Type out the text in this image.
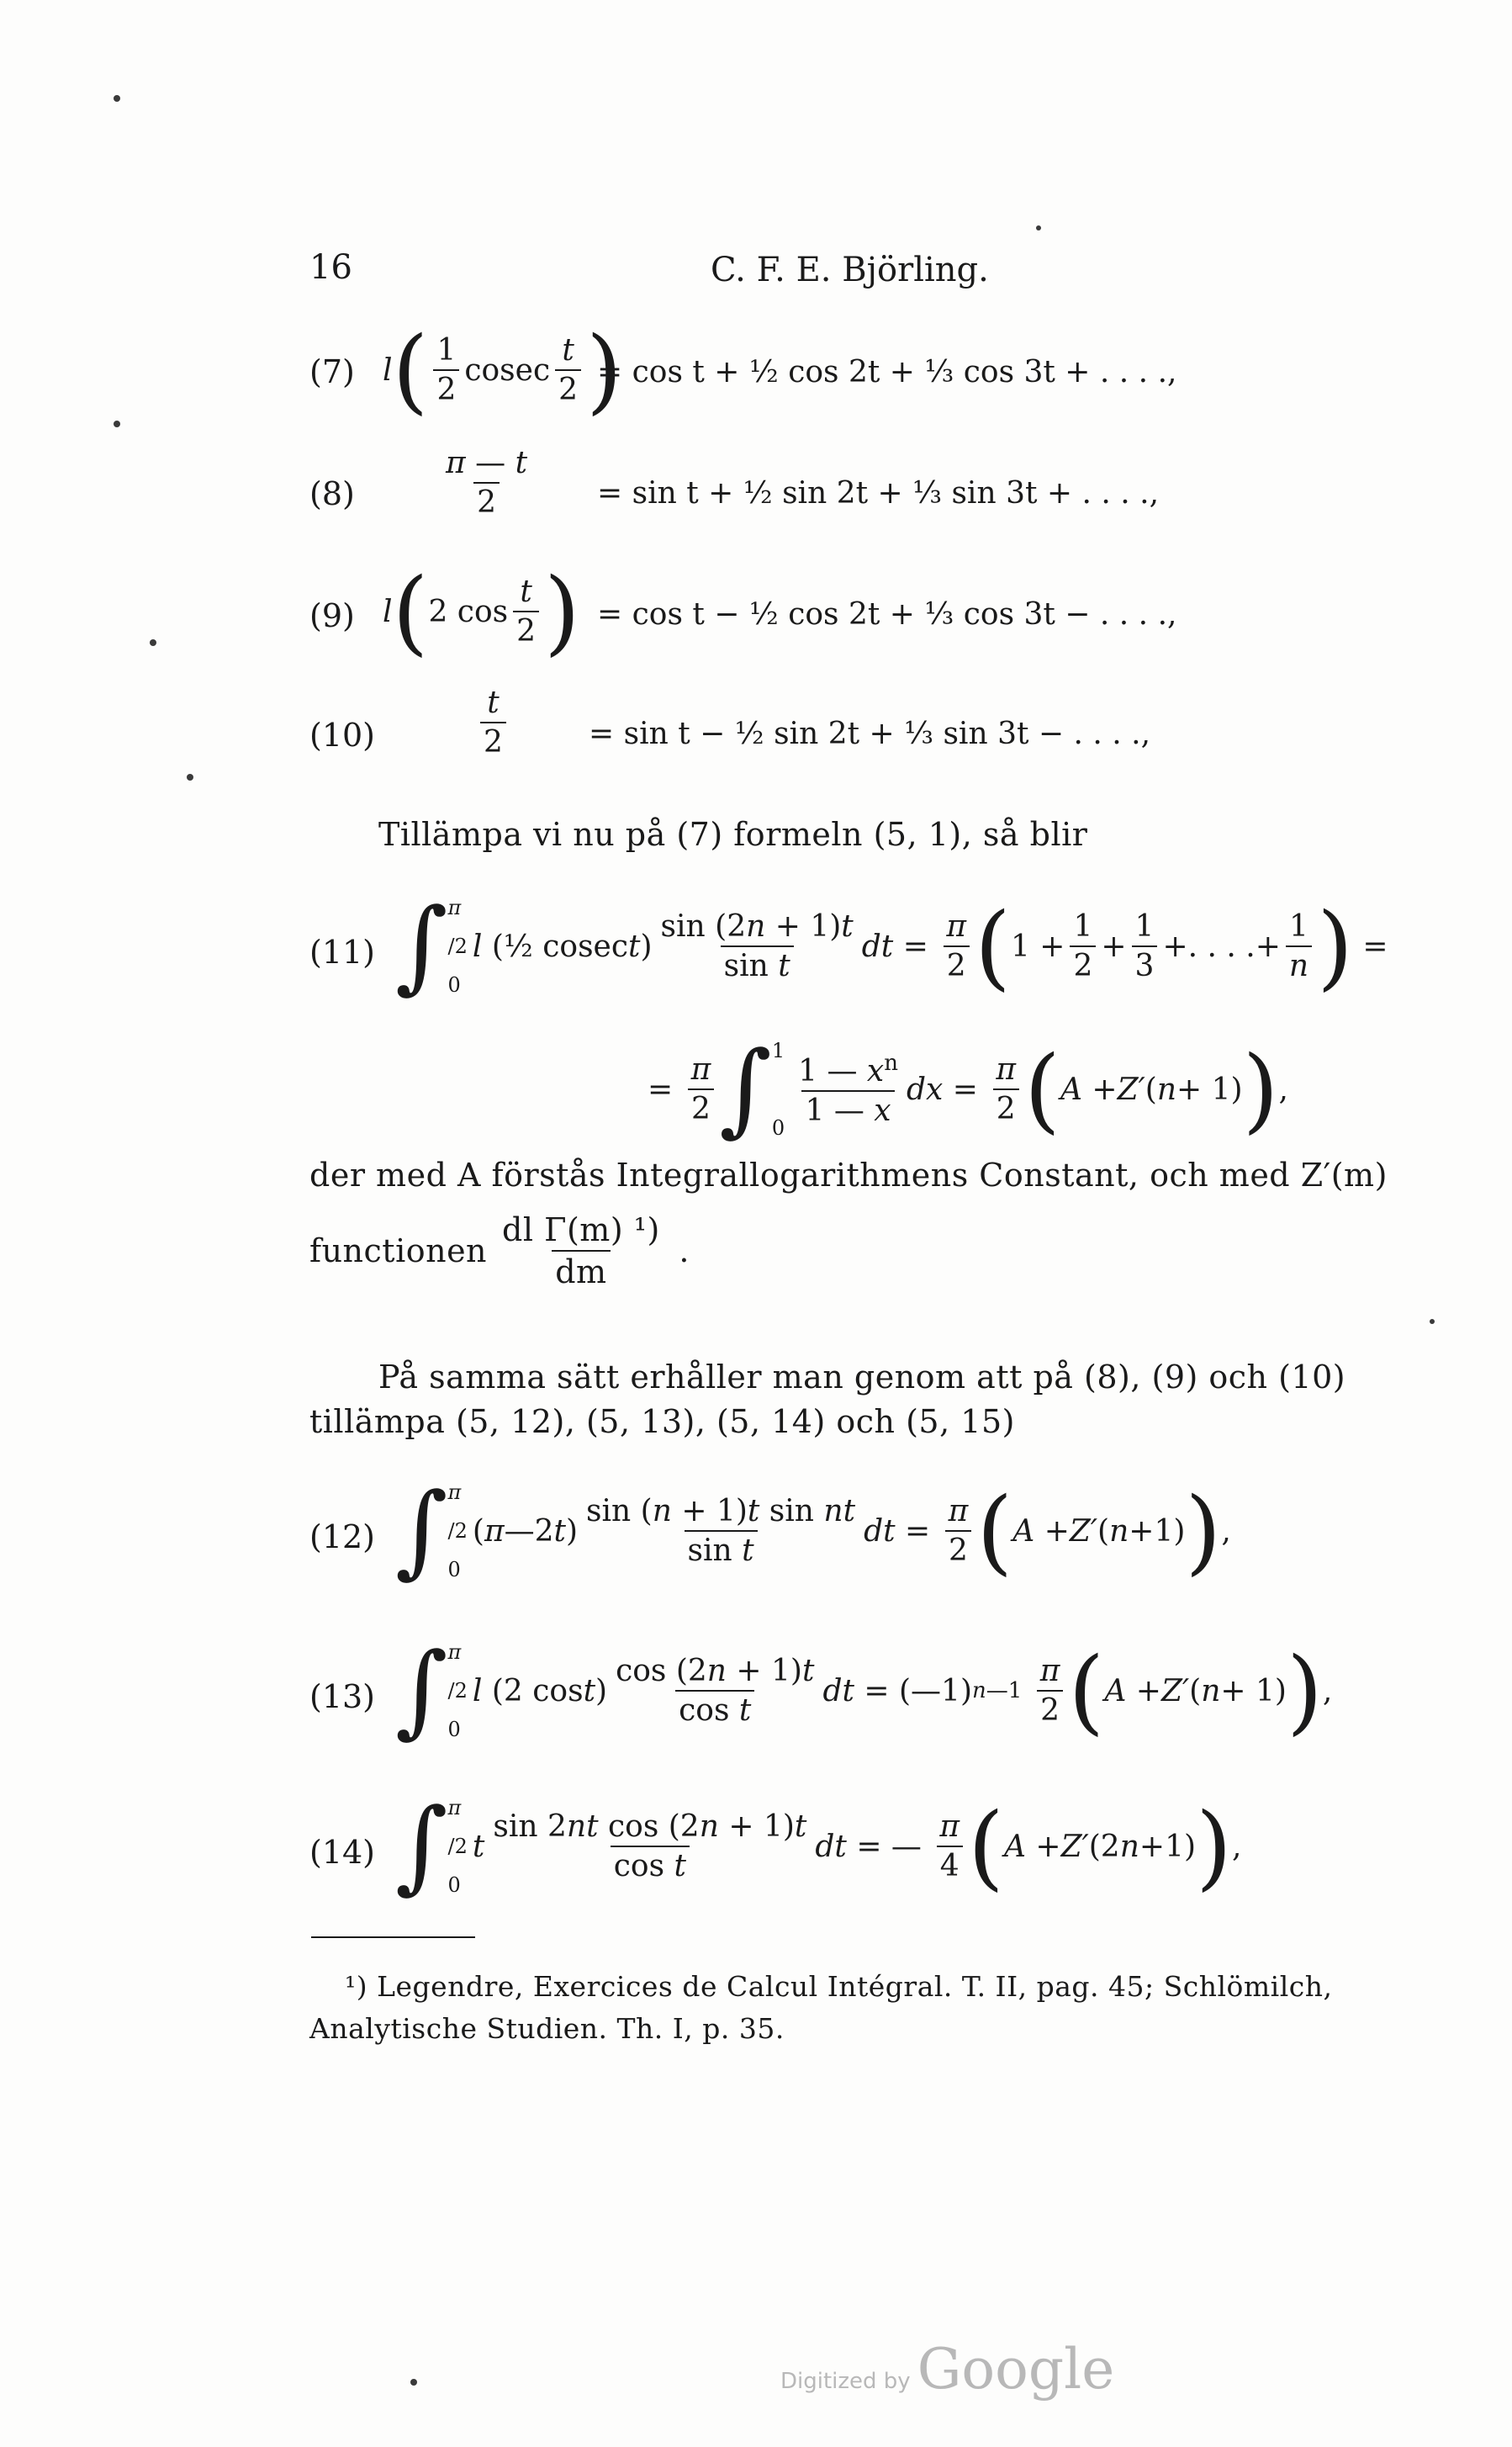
16	C. F. E. Björling.
(7) l ( $\frac{1}{2}$ cosec $\frac{t}{2}$ )
= cos t + ½ cos 2t + ⅓ cos 3t + . . . .,
(8)	$\frac{\pi — t}{2} = \sin t$ + ½ sin 2t + ⅓ sin 3t + . . . .,
(9) l ( 2 $\cos \frac{t}{2}$ ) = cos t − ½ cos 2t + ⅓ cos 3t − . . . .,
(10)	$\frac{t}{2}$	= sin t − ½ sin 2t + ⅓ sin 3t − . . . .,
Tillämpa vi nu på (7) formeln (5, 1), så blir
(11) ∫ π
/2
0
l (½ cosec t ) $\frac{\sin (2n + 1)t}{\text{sin t}}$ dt = $\frac{\pi}{2}$ ( $1 + \frac{1}{2} + \frac{1}{3}$ +. . . .+ $\frac{1}{n}$ ) =
= $\frac{\pi}{2}$ ∫ 1
$0 \frac{1 — x^n}{1 — x}$ dx = $\frac{\pi}{2}$ ( A + Z′ ( n + 1) ) ,
der med A förstås Integrallogarithmens Constant, och med Z′(m)
functionen $\frac{\text{dl Γ(m) ¹)}}{dm}$ .
På samma sätt erhåller man genom att på (8), (9) och (10)
tillämpa (5, 12), (5, 13), (5, 14) och (5, 15)
(12) ∫ π
/2
0
( π —2 t ) $\frac{\text{sin (n + 1)t sin nt}}{\text{sin t}}$ dt = $\frac{\pi}{2}$ ( A + Z′ ( n +1) ) ,
(13) ∫ π
/2
0
l (2 cos t ) $\frac{\cos (2n + 1)t}{\text{cos t}}$ dt = (—1) n—1
$\frac{\pi}{2}$ ( A + Z′ ( n + 1) ) ,
(14) ∫ π
/2
0
t $\frac{\text{sin 2nt cos (2n + 1)t}}{\text{cos t}}$ dt = — $\frac{\pi}{4}$ ( A + Z′ (2 n +1) ) ,
¹) Legendre, Exercices de Calcul Intégral. T. II, pag. 45; Schlömilch,
Analytische Studien. Th. I, p. 35.
Digitized by Google
